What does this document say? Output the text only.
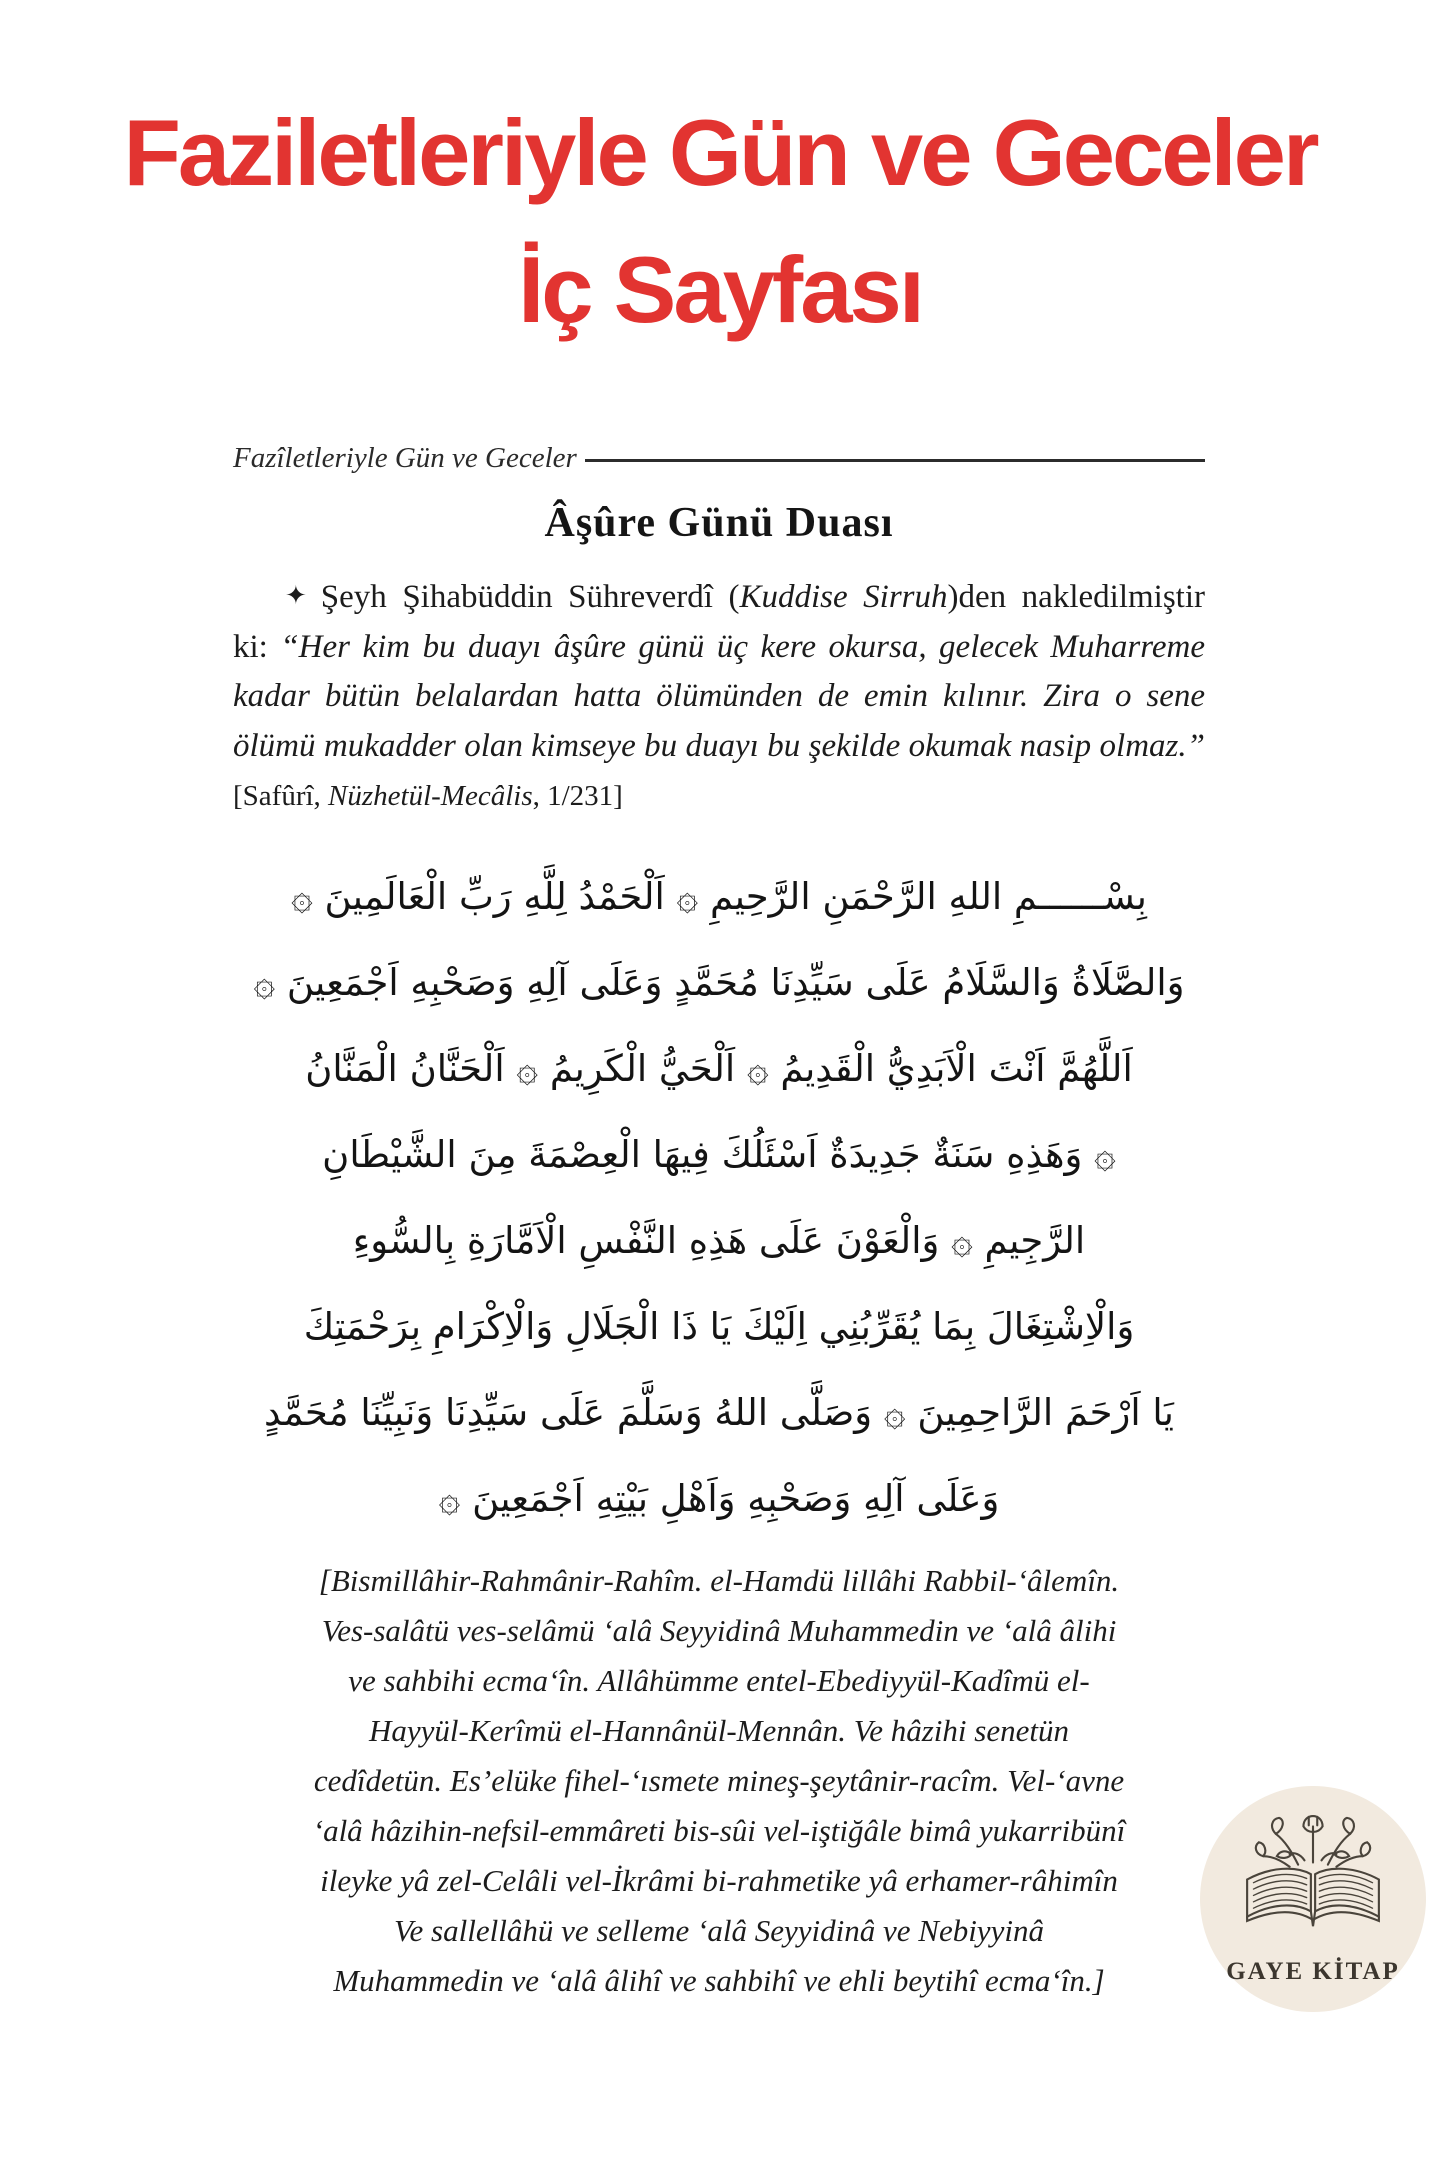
Faziletleriyle Gün ve Geceler
İç Sayfası
Fazîletleriyle Gün ve Geceler
Âşûre Günü Duası

✦ Şeyh Şihabüddin Sühreverdî (Kuddise Sirruh)den nakledilmiştir ki: “Her kim bu duayı âşûre günü üç kere okursa, gelecek Muharreme kadar bütün belalardan hatta ölümünden de emin kılınır. Zira o sene ölümü mukadder olan kimseye bu duayı bu şekilde okumak nasip olmaz.” [Safûrî, Nüzhetül-Mecâlis, 1/231]

بِسْــــــمِ اللهِ الرَّحْمَنِ الرَّحِيمِ ۞ اَلْحَمْدُ لِلَّهِ رَبِّ الْعَالَمِينَ ۞
وَالصَّلَاةُ وَالسَّلَامُ عَلَى سَيِّدِنَا مُحَمَّدٍ وَعَلَى آلِهِ وَصَحْبِهِ اَجْمَعِينَ ۞
اَللَّهُمَّ اَنْتَ الْاَبَدِيُّ الْقَدِيمُ ۞ اَلْحَيُّ الْكَرِيمُ ۞ اَلْحَنَّانُ الْمَنَّانُ
۞ وَهَذِهِ سَنَةٌ جَدِيدَةٌ اَسْئَلُكَ فِيهَا الْعِصْمَةَ مِنَ الشَّيْطَانِ
الرَّجِيمِ ۞ وَالْعَوْنَ عَلَى هَذِهِ النَّفْسِ الْاَمَّارَةِ بِالسُّوءِ
وَالْاِشْتِغَالَ بِمَا يُقَرِّبُنِي اِلَيْكَ يَا ذَا الْجَلَالِ وَالْاِكْرَامِ بِرَحْمَتِكَ
يَا اَرْحَمَ الرَّاحِمِينَ ۞ وَصَلَّى اللهُ وَسَلَّمَ عَلَى سَيِّدِنَا وَنَبِيِّنَا مُحَمَّدٍ
وَعَلَى آلِهِ وَصَحْبِهِ وَاَهْلِ بَيْتِهِ اَجْمَعِينَ ۞
[Bismillâhir-Rahmânir-Rahîm. el-Hamdü lillâhi Rabbil-‘âlemîn.
Ves-salâtü ves-selâmü ‘alâ Seyyidinâ Muhammedin ve ‘alâ âlihi
ve sahbihi ecma‘în. Allâhümme entel-Ebediyyül-Kadîmü el-
Hayyül-Kerîmü el-Hannânül-Mennân. Ve hâzihi senetün
cedîdetün. Es’elüke fihel-‘ısmete mineş-şeytânir-racîm. Vel-‘avne
‘alâ hâzihin-nefsil-emmâreti bis-sûi vel-iştiğâle bimâ yukarribünî
ileyke yâ zel-Celâli vel-İkrâmi bi-rahmetike yâ erhamer-râhimîn
Ve sallellâhü ve selleme ‘alâ Seyyidinâ ve Nebiyyinâ
Muhammedin ve ‘alâ âlihî ve sahbihî ve ehli beytihî ecma‘în.]	GAYE KİTAP
